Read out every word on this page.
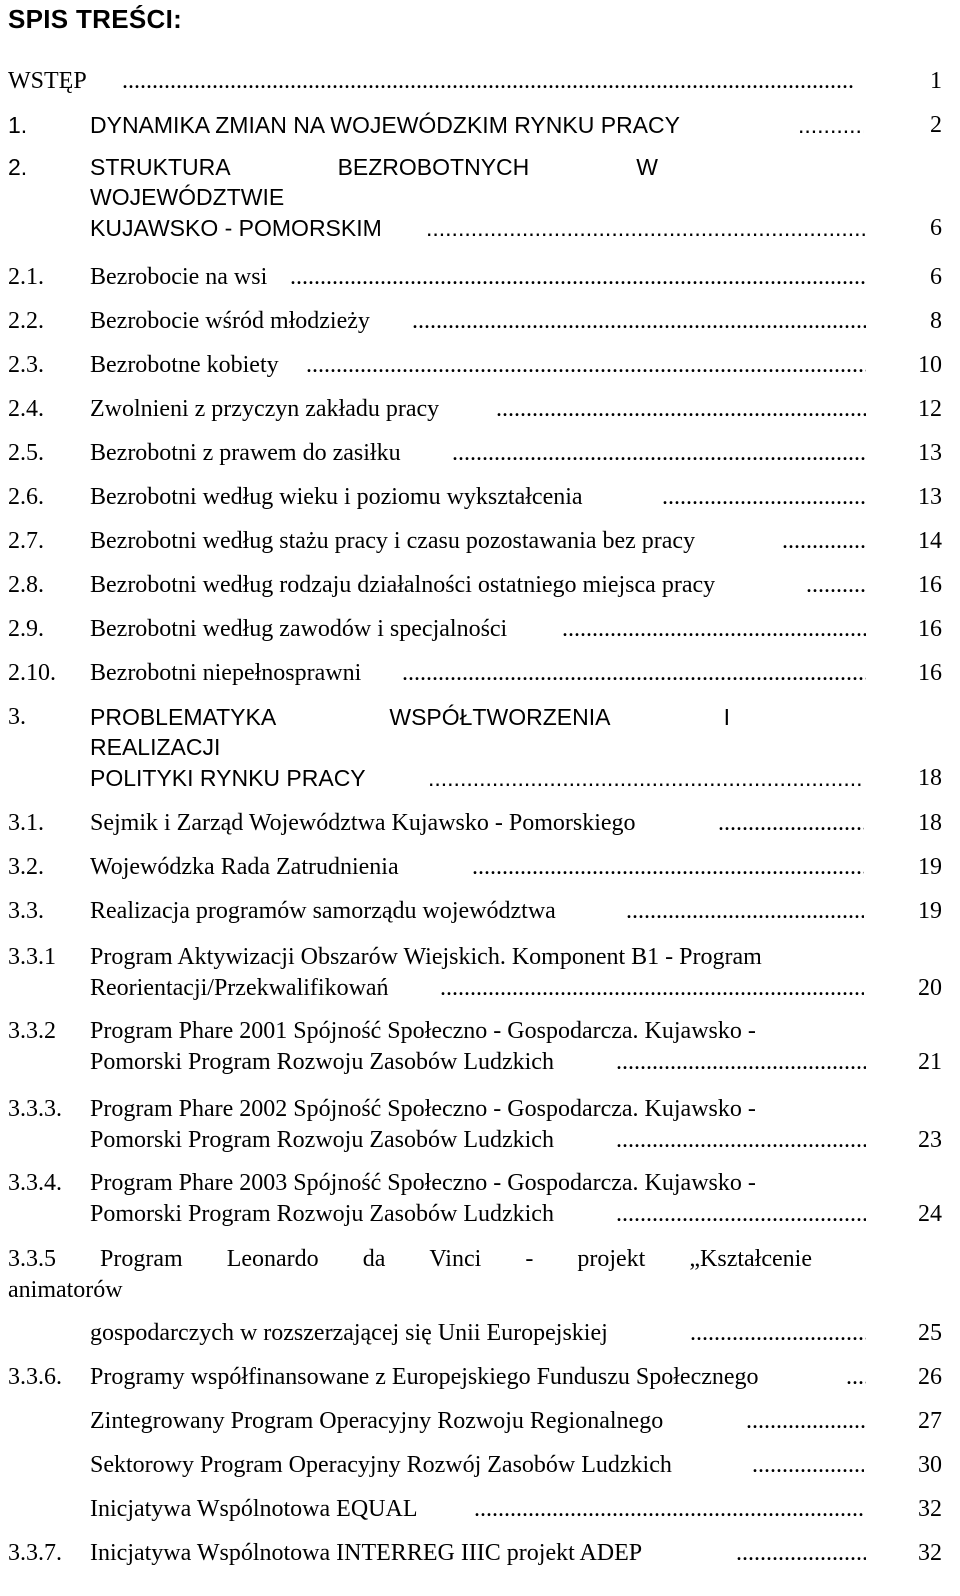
SPIS TREŚCI:
WSTĘP .....	1
1.	DYNAMIKA ZMIAN NA WOJEWÓDZKIM RYNKU PRACY .....	2
2.	STRUKTURA	BEZROBOTNYCH	W
WOJEWÓDZTWIE
KUJAWSKO - POMORSKIM .....	6
2.1. Bezrobocie na wsi .....	6
2.2. Bezrobocie wśród młodzieży .....	8
2.3. Bezrobotne kobiety .....	10
2.4. Zwolnieni z przyczyn zakładu pracy .....	12
2.5. Bezrobotni z prawem do zasiłku .....	13
2.6. Bezrobotni według wieku i poziomu wykształcenia .....	13
2.7. Bezrobotni według stażu pracy i czasu pozostawania bez pracy .....	14
2.8. Bezrobotni według rodzaju działalności ostatniego miejsca pracy .....	16
2.9. Bezrobotni według zawodów i specjalności .....	16
2.10. Bezrobotni niepełnosprawni .....	16
3.	PROBLEMATYKA	WSPÓŁTWORZENIA	I
REALIZACJI
POLITYKI RYNKU PRACY .....	18
3.1. Sejmik i Zarząd Województwa Kujawsko - Pomorskiego .....	18
3.2. Wojewódzka Rada Zatrudnienia .....	19
3.3. Realizacja programów samorządu województwa .....	19
3.3.1 Program Aktywizacji Obszarów Wiejskich. Komponent B1 - Program
Reorientacji/Przekwalifikowań .....	20
3.3.2 Program Phare 2001 Spójność Społeczno - Gospodarcza. Kujawsko -
Pomorski Program Rozwoju Zasobów Ludzkich .....	21
3.3.3. Program Phare 2002 Spójność Społeczno - Gospodarcza. Kujawsko -
Pomorski Program Rozwoju Zasobów Ludzkich .....	23
3.3.4. Program Phare 2003 Spójność Społeczno - Gospodarcza. Kujawsko -
Pomorski Program Rozwoju Zasobów Ludzkich .....	24
3.3.5 Program Leonardo da Vinci - projekt „Kształcenie
animatorów
gospodarczych w rozszerzającej się Unii Europejskiej .....	25
3.3.6. Programy współfinansowane z Europejskiego Funduszu Społecznego .....	26
Zintegrowany Program Operacyjny Rozwoju Regionalnego .....	27
Sektorowy Program Operacyjny Rozwój Zasobów Ludzkich .....	30
Inicjatywa Wspólnotowa EQUAL .....	32
3.3.7. Inicjatywa Wspólnotowa INTERREG IIIC projekt ADEP .....	32
